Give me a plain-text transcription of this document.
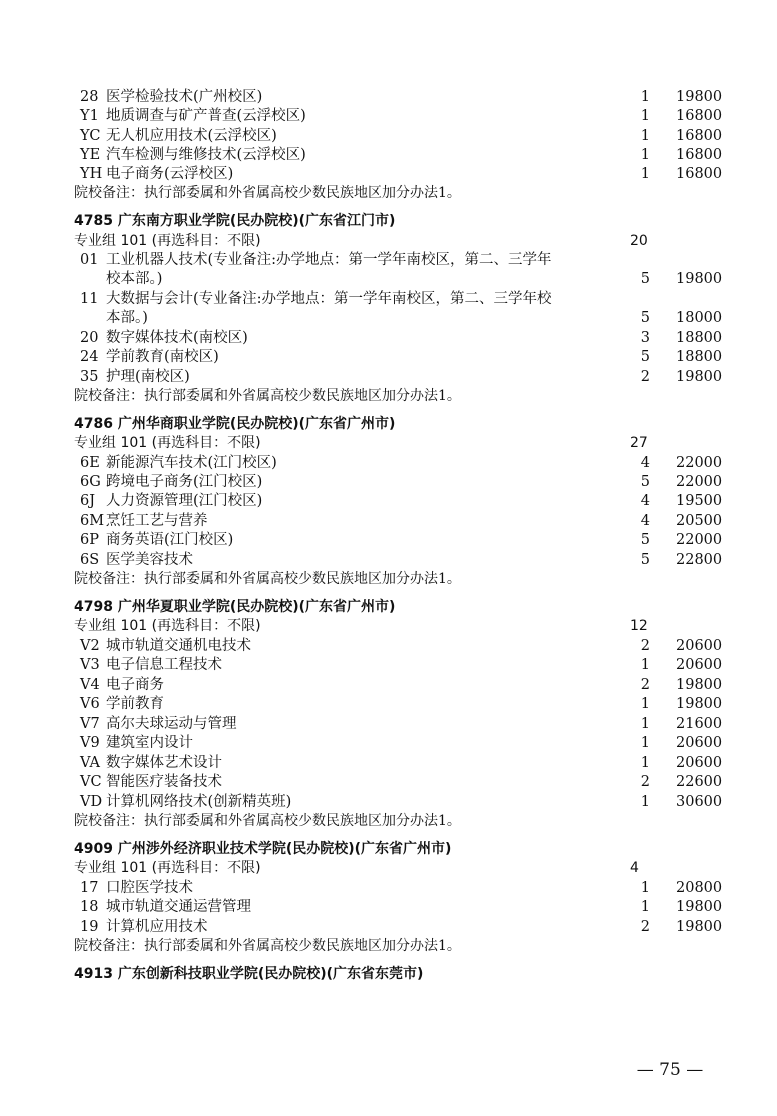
28 医学检验技术(广州校区)	1 19800
Y1 地质调查与矿产普查(云浮校区)	1 16800
YC 无人机应用技术(云浮校区)	1 16800
YE 汽车检测与维修技术(云浮校区)	1 16800
YH 电子商务(云浮校区)	1 16800
院校备注：执行部委属和外省属高校少数民族地区加分办法1。
4785 广东南方职业学院(民办院校)(广东省江门市)
专业组 101 (再选科目：不限)	20
01 工业机器人技术(专业备注:办学地点：第一学年南校区，第二、三学年
校本部。)	5 19800
11 大数据与会计(专业备注:办学地点：第一学年南校区，第二、三学年校
本部。)	5 18000
20 数字媒体技术(南校区)	3 18800
24 学前教育(南校区)	5 18800
35 护理(南校区)	2 19800
院校备注：执行部委属和外省属高校少数民族地区加分办法1。
4786 广州华商职业学院(民办院校)(广东省广州市)
专业组 101 (再选科目：不限)	27
6E 新能源汽车技术(江门校区)	4 22000
6G 跨境电子商务(江门校区)	5 22000
6J 人力资源管理(江门校区)	4 19500
6M 烹饪工艺与营养	4 20500
6P 商务英语(江门校区)	5 22000
6S 医学美容技术	5 22800
院校备注：执行部委属和外省属高校少数民族地区加分办法1。
4798 广州华夏职业学院(民办院校)(广东省广州市)
专业组 101 (再选科目：不限)	12
V2 城市轨道交通机电技术	2 20600
V3 电子信息工程技术	1 20600
V4 电子商务	2 19800
V6 学前教育	1 19800
V7 高尔夫球运动与管理	1 21600
V9 建筑室内设计	1 20600
VA 数字媒体艺术设计	1 20600
VC 智能医疗装备技术	2 22600
VD 计算机网络技术(创新精英班)	1 30600
院校备注：执行部委属和外省属高校少数民族地区加分办法1。
4909 广州涉外经济职业技术学院(民办院校)(广东省广州市)
专业组 101 (再选科目：不限)	4
17 口腔医学技术	1 20800
18 城市轨道交通运营管理	1 19800
19 计算机应用技术	2 19800
院校备注：执行部委属和外省属高校少数民族地区加分办法1。
4913 广东创新科技职业学院(民办院校)(广东省东莞市)
— 75 —
